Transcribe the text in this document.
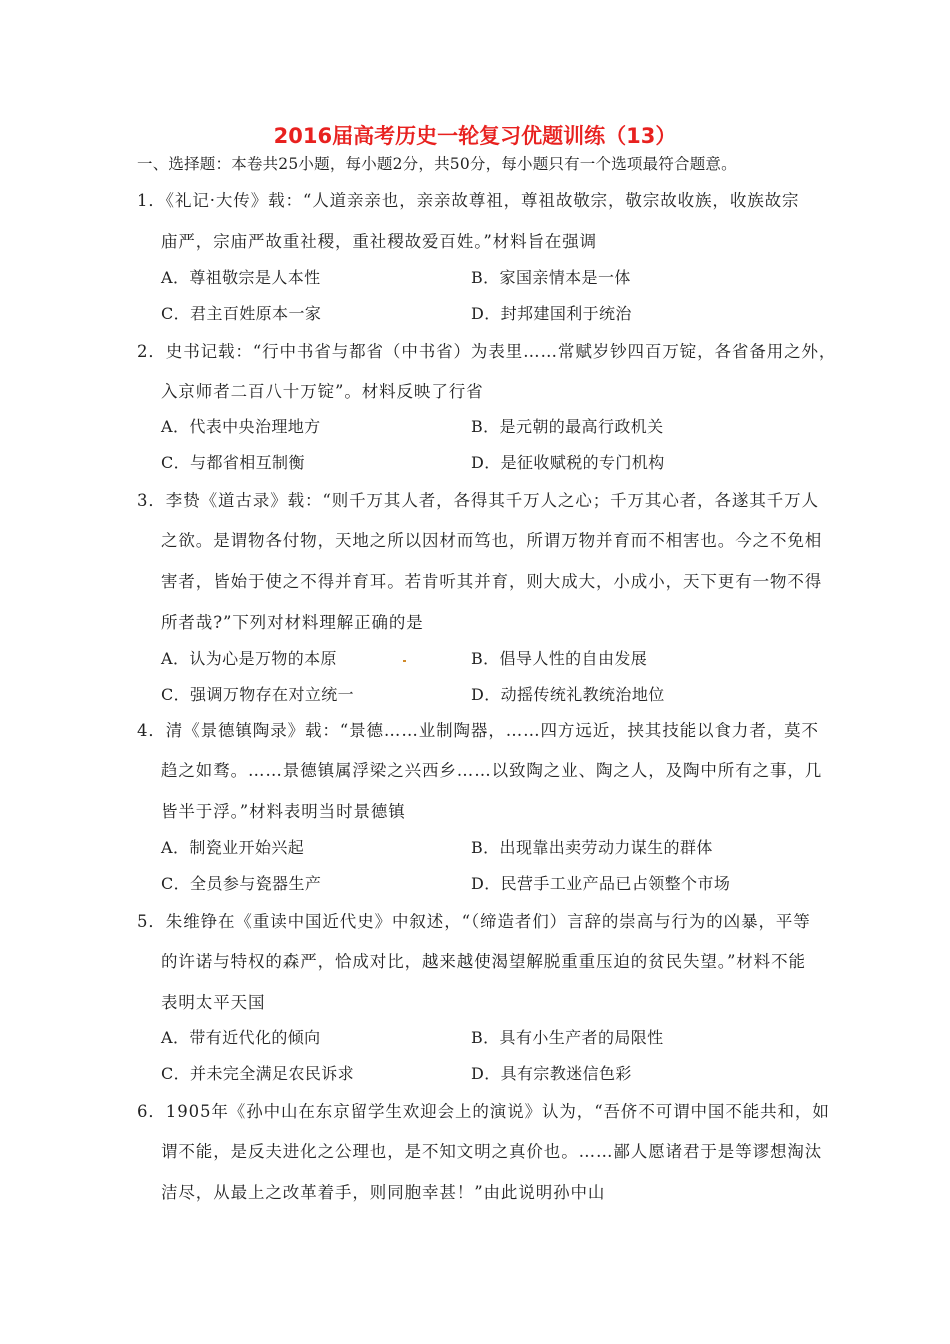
2016届高考历史一轮复习优题训练（13）
一、选择题：本卷共25小题，每小题2分，共50分，每小题只有一个选项最符合题意。
1．《礼记·大传》载：“人道亲亲也，亲亲故尊祖，尊祖故敬宗，敬宗故收族，收族故宗
庙严，宗庙严故重社稷，重社稷故爱百姓。”材料旨在强调
A．尊祖敬宗是人本性	B．家国亲情本是一体
C．君主百姓原本一家	D．封邦建国利于统治
2．史书记载：“行中书省与都省（中书省）为表里……常赋岁钞四百万锭，各省备用之外，
入京师者二百八十万锭”。材料反映了行省
A．代表中央治理地方	B．是元朝的最高行政机关
C．与都省相互制衡	D．是征收赋税的专门机构
3．李贽《道古录》载：“则千万其人者，各得其千万人之心；千万其心者，各遂其千万人
之欲。是谓物各付物，天地之所以因材而笃也，所谓万物并育而不相害也。今之不免相
害者，皆始于使之不得并育耳。若肯听其并育，则大成大，小成小，天下更有一物不得
所者哉?”下列对材料理解正确的是
A．认为心是万物的本原	B．倡导人性的自由发展
C．强调万物存在对立统一	D．动摇传统礼教统治地位
4．清《景德镇陶录》载：“景德……业制陶器，……四方远近，挟其技能以食力者，莫不
趋之如骛。……景德镇属浮梁之兴西乡……以致陶之业、陶之人，及陶中所有之事，几
皆半于浮。”材料表明当时景德镇
A．制瓷业开始兴起	B．出现靠出卖劳动力谋生的群体
C．全员参与瓷器生产	D．民营手工业产品已占领整个市场
5．朱维铮在《重读中国近代史》中叙述，“（缔造者们）言辞的崇高与行为的凶暴，平等
的许诺与特权的森严，恰成对比，越来越使渴望解脱重重压迫的贫民失望。”材料不能
表明太平天国
A．带有近代化的倾向	B．具有小生产者的局限性
C．并未完全满足农民诉求	D．具有宗教迷信色彩
6．1905年《孙中山在东京留学生欢迎会上的演说》认为，“吾侪不可谓中国不能共和，如
谓不能，是反夫进化之公理也，是不知文明之真价也。……鄙人愿诸君于是等谬想淘汰
洁尽，从最上之改革着手，则同胞幸甚！”由此说明孙中山
